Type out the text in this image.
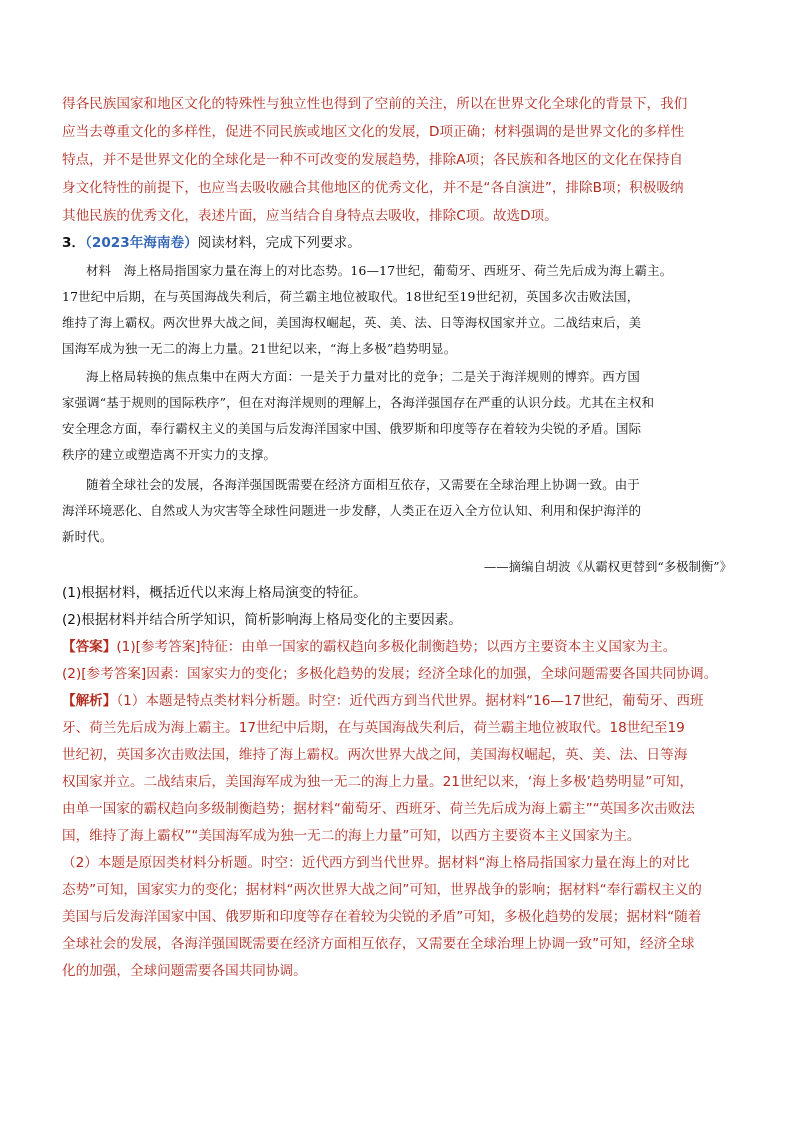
得各民族国家和地区文化的特殊性与独立性也得到了空前的关注，所以在世界文化全球化的背景下，我们
应当去尊重文化的多样性，促进不同民族或地区文化的发展，D项正确；材料强调的是世界文化的多样性
特点，并不是世界文化的全球化是一种不可改变的发展趋势，排除A项；各民族和各地区的文化在保持自
身文化特性的前提下，也应当去吸收融合其他地区的优秀文化，并不是“各自演进”，排除B项；积极吸纳
其他民族的优秀文化，表述片面，应当结合自身特点去吸收，排除C项。故选D项。
3．（2023年海南卷）阅读材料，完成下列要求。
材料　海上格局指国家力量在海上的对比态势。16—17世纪，葡萄牙、西班牙、荷兰先后成为海上霸主。
17世纪中后期，在与英国海战失利后，荷兰霸主地位被取代。18世纪至19世纪初，英国多次击败法国，
维持了海上霸权。两次世界大战之间，美国海权崛起，英、美、法、日等海权国家并立。二战结束后，美
国海军成为独一无二的海上力量。21世纪以来，“海上多极”趋势明显。
海上格局转换的焦点集中在两大方面：一是关于力量对比的竞争；二是关于海洋规则的博弈。西方国
家强调“基于规则的国际秩序”，但在对海洋规则的理解上，各海洋强国存在严重的认识分歧。尤其在主权和
安全理念方面，奉行霸权主义的美国与后发海洋国家中国、俄罗斯和印度等存在着较为尖锐的矛盾。国际
秩序的建立或塑造离不开实力的支撑。
随着全球社会的发展，各海洋强国既需要在经济方面相互依存，又需要在全球治理上协调一致。由于
海洋环境恶化、自然或人为灾害等全球性问题进一步发酵，人类正在迈入全方位认知、利用和保护海洋的
新时代。
——摘编自胡波《从霸权更替到“多极制衡”》
(1)根据材料，概括近代以来海上格局演变的特征。
(2)根据材料并结合所学知识，简析影响海上格局变化的主要因素。
【答案】(1)[参考答案]特征：由单一国家的霸权趋向多极化制衡趋势；以西方主要资本主义国家为主。
(2)[参考答案]因素：国家实力的变化；多极化趋势的发展；经济全球化的加强，全球问题需要各国共同协调。
【解析】（1）本题是特点类材料分析题。时空：近代西方到当代世界。据材料“16—17世纪，葡萄牙、西班
牙、荷兰先后成为海上霸主。17世纪中后期，在与英国海战失利后，荷兰霸主地位被取代。18世纪至19
世纪初，英国多次击败法国，维持了海上霸权。两次世界大战之间，美国海权崛起，英、美、法、日等海
权国家并立。二战结束后，美国海军成为独一无二的海上力量。21世纪以来，‘海上多极’趋势明显”可知，
由单一国家的霸权趋向多级制衡趋势；据材料“葡萄牙、西班牙、荷兰先后成为海上霸主”“英国多次击败法
国，维持了海上霸权”“美国海军成为独一无二的海上力量”可知，以西方主要资本主义国家为主。
（2）本题是原因类材料分析题。时空：近代西方到当代世界。据材料“海上格局指国家力量在海上的对比
态势”可知，国家实力的变化；据材料“两次世界大战之间”可知，世界战争的影响；据材料“奉行霸权主义的
美国与后发海洋国家中国、俄罗斯和印度等存在着较为尖锐的矛盾”可知，多极化趋势的发展；据材料“随着
全球社会的发展，各海洋强国既需要在经济方面相互依存，又需要在全球治理上协调一致”可知，经济全球
化的加强，全球问题需要各国共同协调。
